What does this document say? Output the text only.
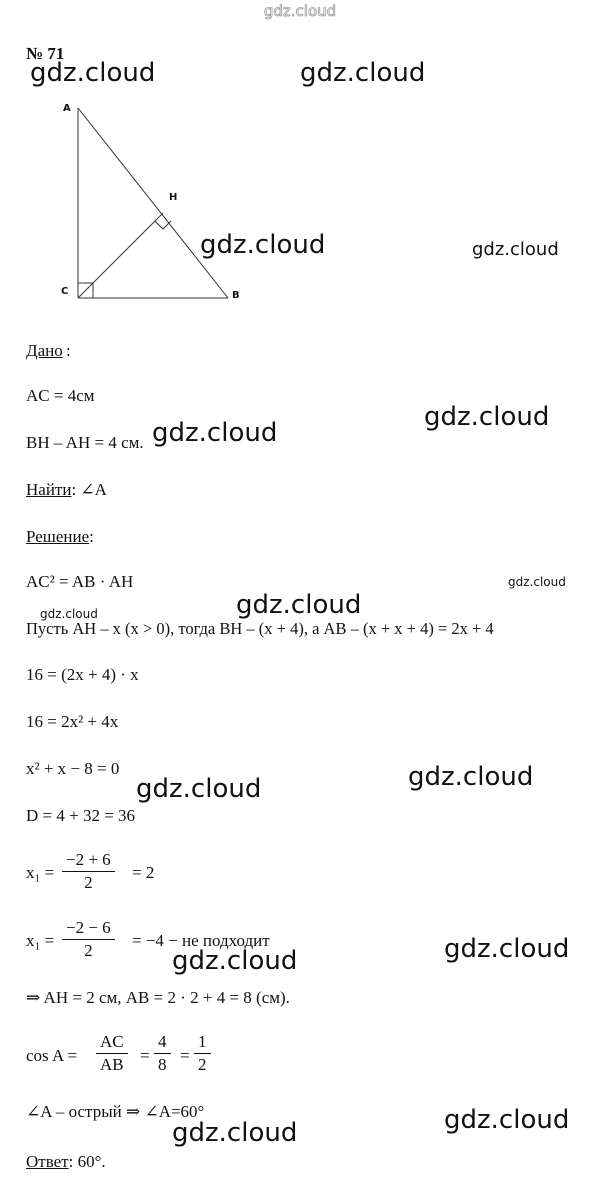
gdz.cloud
№ 71
A
H
C	B
Дано :
AC = 4см
BH – AH = 4 см.
Найти: ∠A
Решение:
AC² = AB · AH
Пусть AH – x (x > 0), тогда BH – (x + 4), а AB – (x + x + 4) = 2x + 4
16 = (2x + 4) · x
16 = 2x² + 4x
x² + x − 8 = 0
D = 4 + 32 = 36
$x_1 = \frac{-2 + 6}{2} = 2$
$x_1 = \frac{-2 - 6}{2} = -4$ − не подходит
⇒ AH = 2 см, AB = 2 · 2 + 4 = 8 (см).
$\cos A = \frac{AC}{AB} = \frac{4}{8} = \frac{1}{2}$
∠A – острый ⇒ ∠A=60°
Ответ: 60°.
gdz.cloud	gdz.cloud
gdz.cloud	gdz.cloud
gdz.cloud
gdz.cloud
gdz.cloud
gdz.cloud
gdz.cloud
gdz.cloud
gdz.cloud
gdz.cloud
gdz.cloud
gdz.cloud
gdz.cloud
